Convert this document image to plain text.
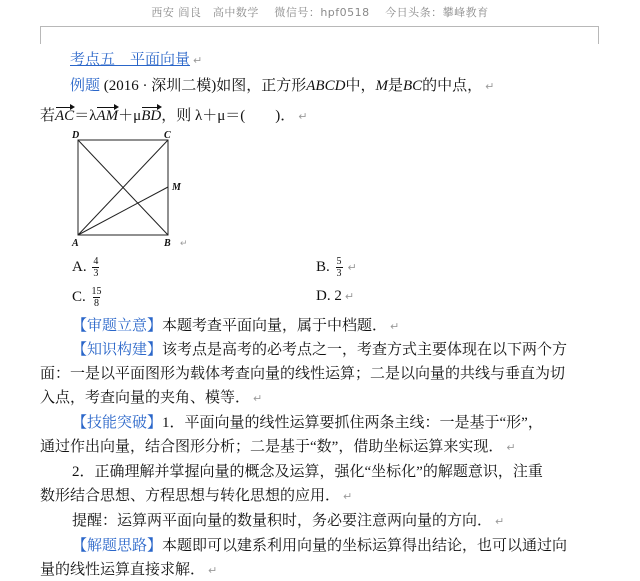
西安 阎良　高中数学　 微信号：hpf0518　 今日头条：攀峰教育
考点五　平面向量 ↵
例题 (2016 · 深圳二模)如图，正方形ABCD中，M是BC的中点， ↵
若AC＝λAM＋μBD，则 λ＋μ＝(　　)． ↵
D	C
M
A	B ↵
A. $\frac{4}{3}$	B. $\frac{5}{3}$ ↵
C. $\frac{15}{8}$	D. 2 ↵
【审题立意】本题考查平面向量，属于中档题． ↵
【知识构建】该考点是高考的必考点之一，考查方式主要体现在以下两个方
面：一是以平面图形为载体考查向量的线性运算；二是以向量的共线与垂直为切
入点，考查向量的夹角、模等． ↵
【技能突破】1．平面向量的线性运算要抓住两条主线：一是基于“形”，
通过作出向量，结合图形分析；二是基于“数”，借助坐标运算来实现． ↵
2．正确理解并掌握向量的概念及运算，强化“坐标化”的解题意识，注重
数形结合思想、方程思想与转化思想的应用． ↵
提醒：运算两平面向量的数量积时，务必要注意两向量的方向． ↵
【解题思路】本题即可以建系利用向量的坐标运算得出结论，也可以通过向
量的线性运算直接求解． ↵
